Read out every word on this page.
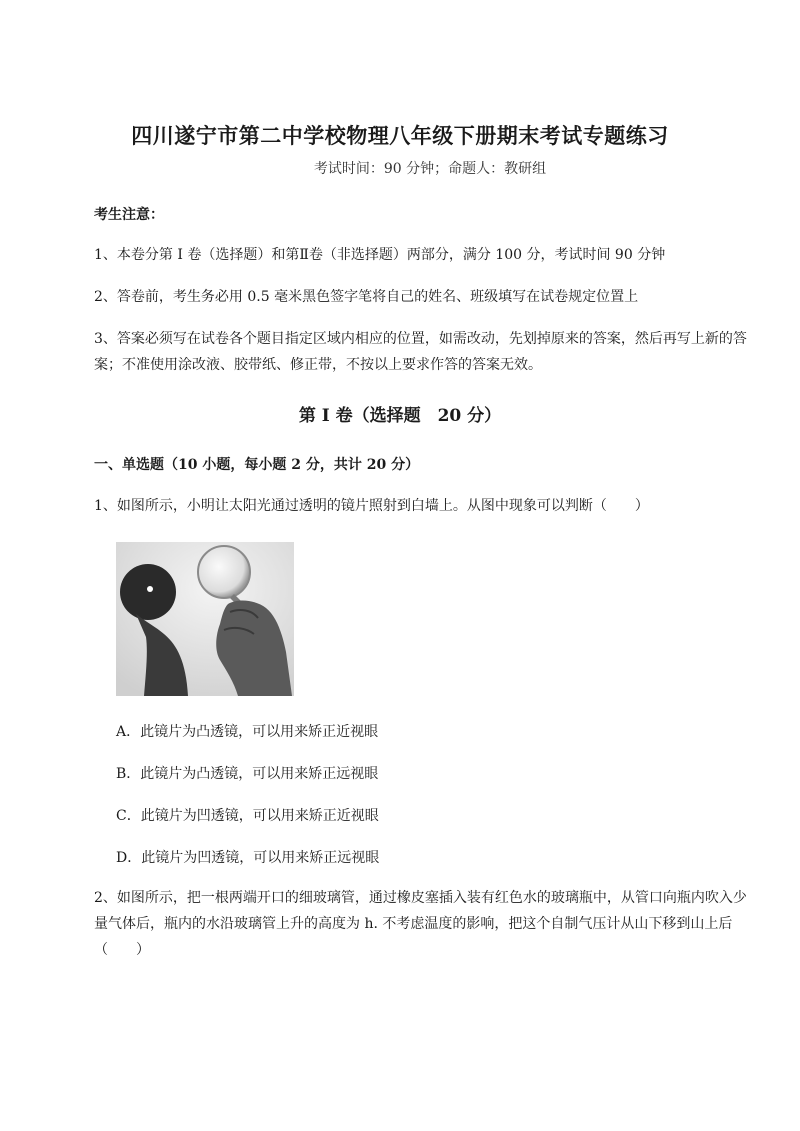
四川遂宁市第二中学校物理八年级下册期末考试专题练习
考试时间：90 分钟；命题人：教研组
考生注意：
1、本卷分第 I 卷（选择题）和第Ⅱ卷（非选择题）两部分，满分 100 分，考试时间 90 分钟
2、答卷前，考生务必用 0.5 毫米黑色签字笔将自己的姓名、班级填写在试卷规定位置上
3、答案必须写在试卷各个题目指定区域内相应的位置，如需改动，先划掉原来的答案，然后再写上新的答案；不准使用涂改液、胶带纸、修正带，不按以上要求作答的答案无效。
第 I 卷（选择题　20 分）
一、单选题（10 小题，每小题 2 分，共计 20 分）
1、如图所示，小明让太阳光通过透明的镜片照射到白墙上。从图中现象可以判断（　　）
A．此镜片为凸透镜，可以用来矫正近视眼
B．此镜片为凸透镜，可以用来矫正远视眼
C．此镜片为凹透镜，可以用来矫正近视眼
D．此镜片为凹透镜，可以用来矫正远视眼
2、如图所示，把一根两端开口的细玻璃管，通过橡皮塞插入装有红色水的玻璃瓶中，从管口向瓶内吹入少量气体后，瓶内的水沿玻璃管上升的高度为 h. 不考虑温度的影响，把这个自制气压计从山下移到山上后（　　）
